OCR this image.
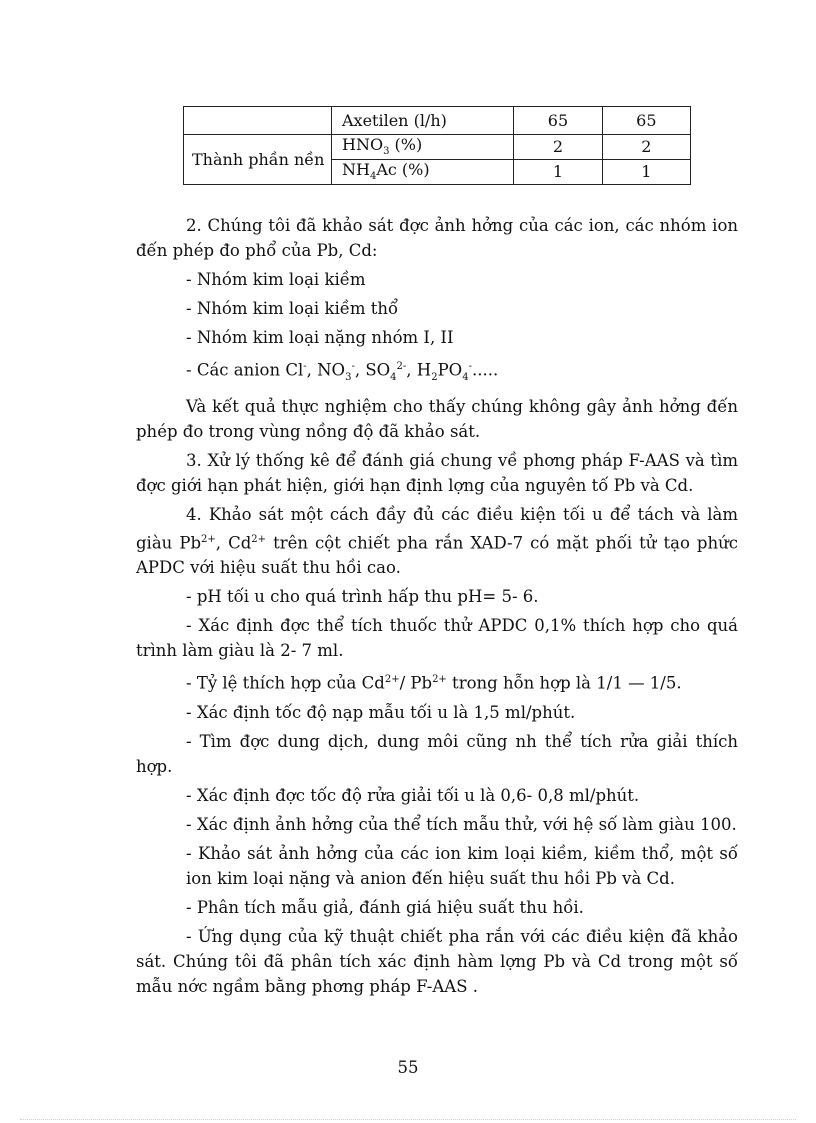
	Axetilen (l/h)	65	65
Thành phần nền	$HNO_3$ (%)	2	2
	$NH_4Ac$ (%)	1	1

2. Chúng tôi đã khảo sát đợc ảnh hởng của các ion, các nhóm ion đến phép đo phổ của Pb, Cd:

- Nhóm kim loại kiềm

- Nhóm kim loại kiềm thổ

- Nhóm kim loại nặng nhóm I, II

- Các anion Cl-, $NO_3^-$, $SO_4^{2-}$, $H_2PO_4^-$.....

Và kết quả thực nghiệm cho thấy chúng không gây ảnh hởng đến phép đo trong vùng nồng độ đã khảo sát.

3. Xử lý thống kê để đánh giá chung về phơng pháp F-AAS và tìm đợc giới hạn phát hiện, giới hạn định lợng của nguyên tố Pb và Cd.

4. Khảo sát một cách đầy đủ các điều kiện tối u để tách và làm giàu $Pb^{2+}$, $Cd^{2+}$ trên cột chiết pha rắn XAD-7 có mặt phối tử tạo phức APDC với hiệu suất thu hồi cao.

- pH tối u cho quá trình hấp thu pH= 5- 6.

- Xác định đợc thể tích thuốc thử APDC 0,1% thích hợp cho quá trình làm giàu là 2- 7 ml.

- Tỷ lệ thích hợp của $Cd^{2+}/$ $Pb^{2+}$ trong hỗn hợp là 1/1 — 1/5.

- Xác định tốc độ nạp mẫu tối u là 1,5 ml/phút.

- Tìm đợc dung dịch, dung môi cũng nh thể tích rửa giải thích hợp.

- Xác định đợc tốc độ rửa giải tối u là 0,6- 0,8 ml/phút.

- Xác định ảnh hởng của thể tích mẫu thử, với hệ số làm giàu 100.

- Khảo sát ảnh hởng của các ion kim loại kiềm, kiềm thổ, một số ion kim loại nặng và anion đến hiệu suất thu hồi Pb và Cd.

- Phân tích mẫu giả, đánh giá hiệu suất thu hồi.

- Ứng dụng của kỹ thuật chiết pha rắn với các điều kiện đã khảo sát. Chúng tôi đã phân tích xác định hàm lợng Pb và Cd trong một số mẫu nớc ngầm bằng phơng pháp F-AAS .

55
